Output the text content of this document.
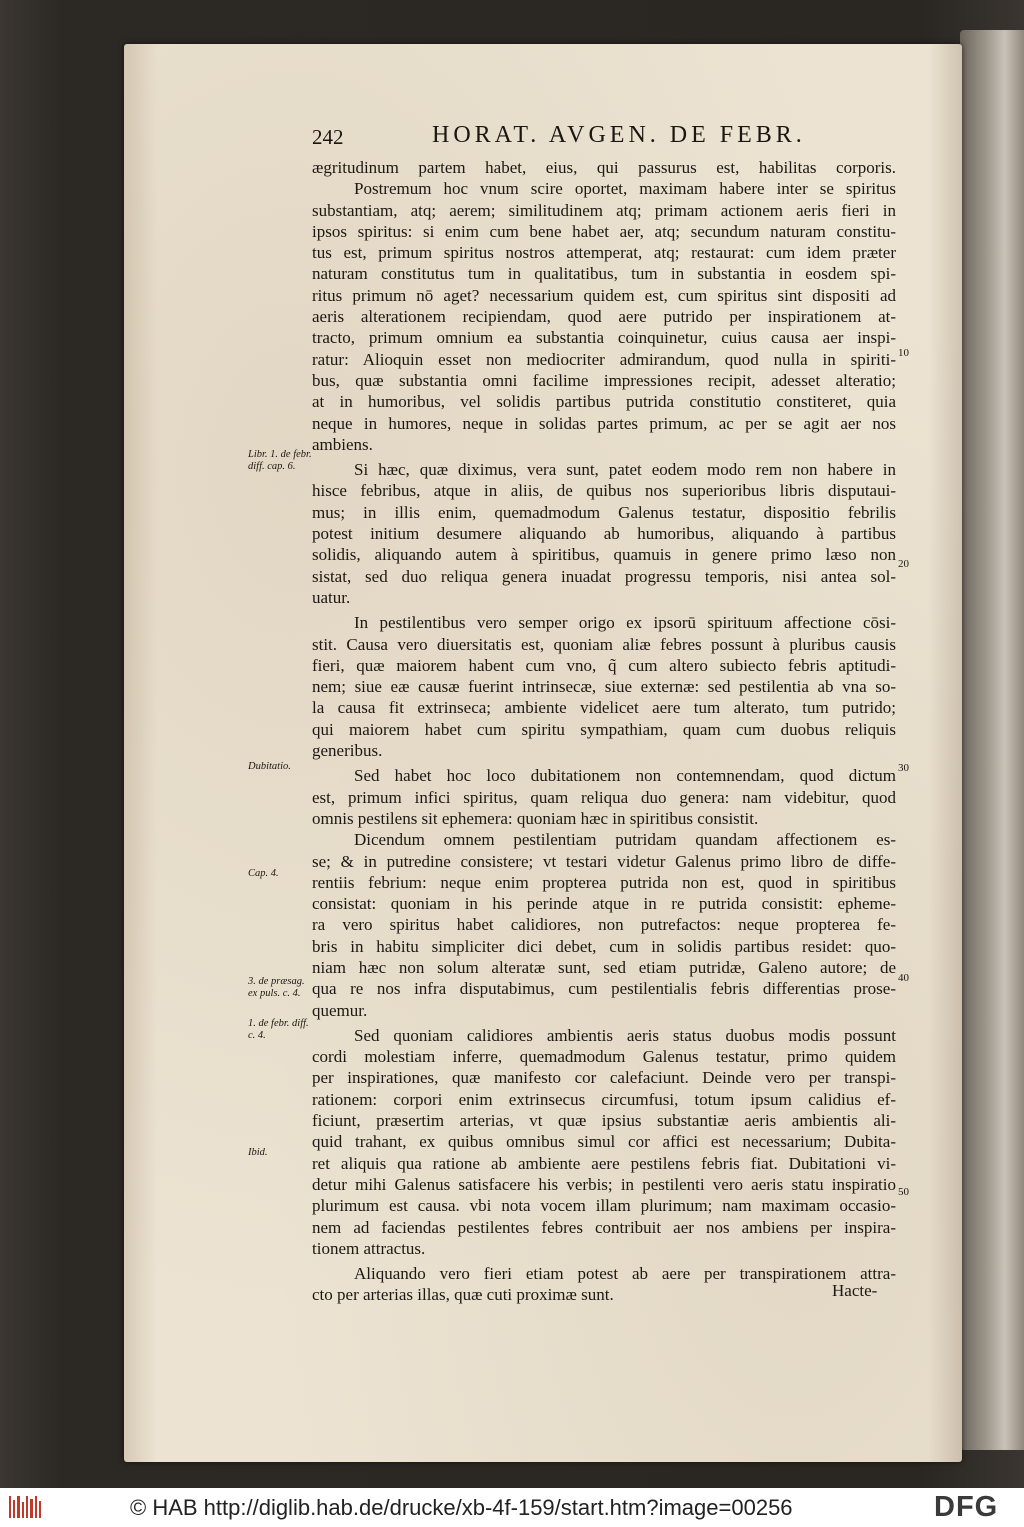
242	HORAT. AVGEN. DE FEBR.
ægritudinum partem habet, eius, qui passurus est, habilitas corporis.
Postremum hoc vnum scire oportet, maximam habere inter se spiritus
substantiam, atq; aerem; similitudinem atq; primam actionem aeris fieri in
ipsos spiritus: si enim cum bene habet aer, atq; secundum naturam constitu-
tus est, primum spiritus nostros attemperat, atq; restaurat: cum idem præter
naturam constitutus tum in qualitatibus, tum in substantia in eosdem spi-
ritus primum nō aget? necessarium quidem est, cum spiritus sint dispositi ad
aeris alterationem recipiendam, quod aere putrido per inspirationem at-
tracto, primum omnium ea substantia coinquinetur, cuius causa aer inspi-
ratur: Alioquin esset non mediocriter admirandum, quod nulla in spiriti-
bus, quæ substantia omni facilime impressiones recipit, adesset alteratio;
at in humoribus, vel solidis partibus putrida constitutio constiteret, quia
neque in humores, neque in solidas partes primum, ac per se agit aer nos
ambiens.
Si hæc, quæ diximus, vera sunt, patet eodem modo rem non habere in
hisce febribus, atque in aliis, de quibus nos superioribus libris disputaui-
mus; in illis enim, quemadmodum Galenus testatur, dispositio febrilis
potest initium desumere aliquando ab humoribus, aliquando à partibus
solidis, aliquando autem à spiritibus, quamuis in genere primo læso non
sistat, sed duo reliqua genera inuadat progressu temporis, nisi antea sol-
uatur.
In pestilentibus vero semper origo ex ipsorū spirituum affectione cōsi-
stit. Causa vero diuersitatis est, quoniam aliæ febres possunt à pluribus causis
fieri, quæ maiorem habent cum vno, q̃ cum altero subiecto febris aptitudi-
nem; siue eæ causæ fuerint intrinsecæ, siue externæ: sed pestilentia ab vna so-
la causa fit extrinseca; ambiente videlicet aere tum alterato, tum putrido;
qui maiorem habet cum spiritu sympathiam, quam cum duobus reliquis
generibus.
Sed habet hoc loco dubitationem non contemnendam, quod dictum
est, primum infici spiritus, quam reliqua duo genera: nam videbitur, quod
omnis pestilens sit ephemera: quoniam hæc in spiritibus consistit.
Dicendum omnem pestilentiam putridam quandam affectionem es-
se; & in putredine consistere; vt testari videtur Galenus primo libro de diffe-
rentiis febrium: neque enim propterea putrida non est, quod in spiritibus
consistat: quoniam in his perinde atque in re putrida consistit: epheme-
ra vero spiritus habet calidiores, non putrefactos: neque propterea fe-
bris in habitu simpliciter dici debet, cum in solidis partibus residet: quo-
niam hæc non solum alteratæ sunt, sed etiam putridæ, Galeno autore; de
qua re nos infra disputabimus, cum pestilentialis febris differentias prose-
quemur.
Sed quoniam calidiores ambientis aeris status duobus modis possunt
cordi molestiam inferre, quemadmodum Galenus testatur, primo quidem
per inspirationes, quæ manifesto cor calefaciunt. Deinde vero per transpi-
rationem: corpori enim extrinsecus circumfusi, totum ipsum calidius ef-
ficiunt, præsertim arterias, vt quæ ipsius substantiæ aeris ambientis ali-
quid trahant, ex quibus omnibus simul cor affici est necessarium; Dubita-
ret aliquis qua ratione ab ambiente aere pestilens febris fiat. Dubitationi vi-
detur mihi Galenus satisfacere his verbis; in pestilenti vero aeris statu inspiratio
plurimum est causa. vbi nota vocem illam plurimum; nam maximam occasio-
nem ad faciendas pestilentes febres contribuit aer nos ambiens per inspira-
tionem attractus.
Aliquando vero fieri etiam potest ab aere per transpirationem attra-
cto per arterias illas, quæ cuti proximæ sunt.
Libr. 1. de febr. diff. cap. 6.
Dubitatio.
Cap. 4.
3. de præsag. ex puls. c. 4.
1. de febr. diff. c. 4.
Ibid.
10
20
30
40
50
Hacte-
© HAB http://diglib.hab.de/drucke/xb-4f-159/start.htm?image=00256	DFG
